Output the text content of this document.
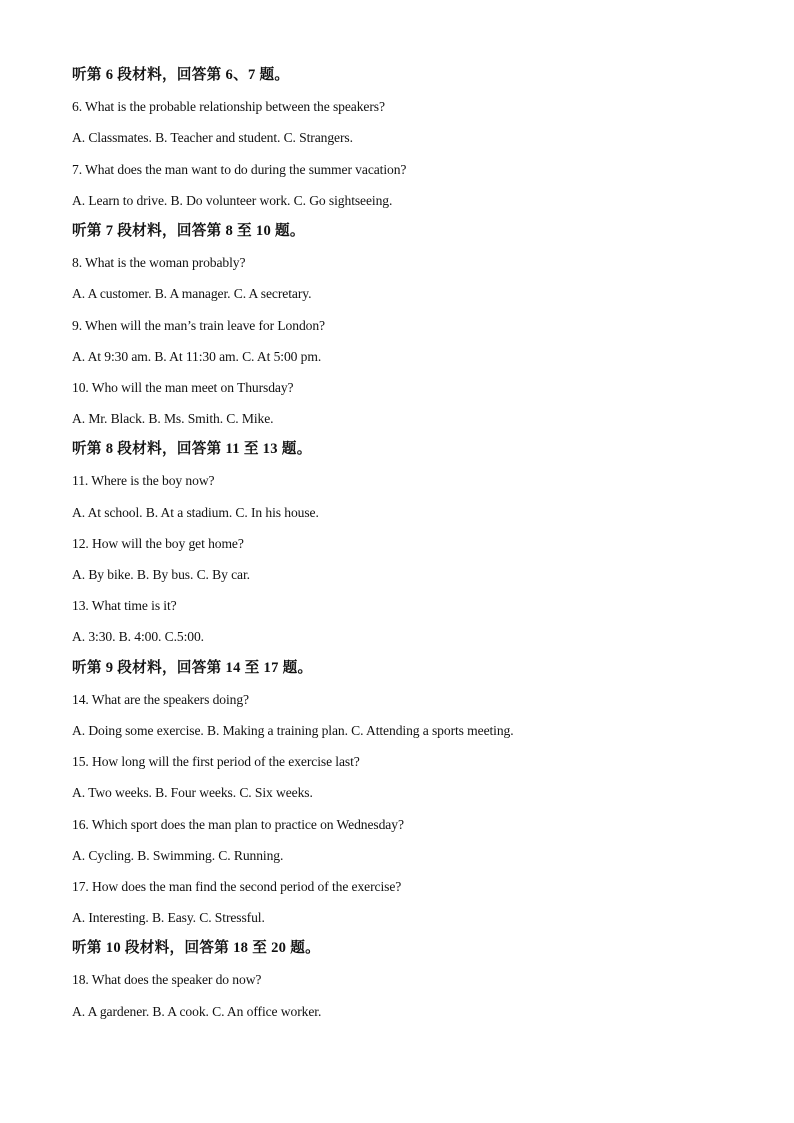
听第 6 段材料，回答第 6、7 题。
6. What is the probable relationship between the speakers?
A. Classmates. B. Teacher and student. C. Strangers.
7. What does the man want to do during the summer vacation?
A. Learn to drive. B. Do volunteer work. C. Go sightseeing.
听第 7 段材料，回答第 8 至 10 题。
8. What is the woman probably?
A. A customer. B. A manager. C. A secretary.
9. When will the man’s train leave for London?
A. At 9:30 am. B. At 11:30 am. C. At 5:00 pm.
10. Who will the man meet on Thursday?
A. Mr. Black. B. Ms. Smith. C. Mike.
听第 8 段材料，回答第 11 至 13 题。
11. Where is the boy now?
A. At school. B. At a stadium. C. In his house.
12. How will the boy get home?
A. By bike. B. By bus. C. By car.
13. What time is it?
A. 3:30. B. 4:00. C.5:00.
听第 9 段材料，回答第 14 至 17 题。
14. What are the speakers doing?
A. Doing some exercise. B. Making a training plan. C. Attending a sports meeting.
15. How long will the first period of the exercise last?
A. Two weeks. B. Four weeks. C. Six weeks.
16. Which sport does the man plan to practice on Wednesday?
A. Cycling. B. Swimming. C. Running.
17. How does the man find the second period of the exercise?
A. Interesting. B. Easy. C. Stressful.
听第 10 段材料，回答第 18 至 20 题。
18. What does the speaker do now?
A. A gardener. B. A cook. C. An office worker.
